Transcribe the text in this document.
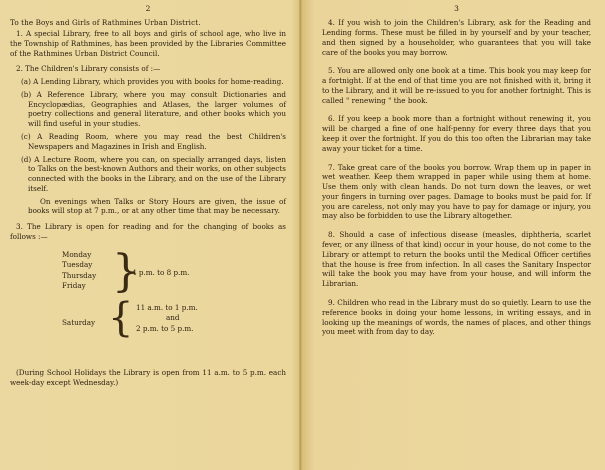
2
To the Boys and Girls of Rathmines Urban District.

1. A special Library, free to all boys and girls of school age, who live in the Township of Rathmines, has been provided by the Libraries Committee of the Rathmines Urban District Council.

2. The Children's Library consists of :—

(a) A Lending Library, which provides you with books for home-reading.

(b) A Reference Library, where you may consult Dictionaries and Encyclopædias, Geographies and Atlases, the larger volumes of poetry collections and general literature, and other books which you will find useful in your studies.

(c) A Reading Room, where you may read the best Children's Newspapers and Magazines in Irish and English.

(d) A Lecture Room, where you can, on specially arranged days, listen to Talks on the best-known Authors and their works, on other subjects connected with the books in the Library, and on the use of the Library itself.

On evenings when Talks or Story Hours are given, the issue of books will stop at 7 p.m., or at any other time that may be necessary.

3. The Library is open for reading and for the changing of books as follows :—

Monday
Tuesday
Thursday
Friday }
4 p.m. to 8 p.m.
{
Saturday
11 a.m. to 1 p.m.
and
2 p.m. to 5 p.m.

(During School Holidays the Library is open from 11 a.m. to 5 p.m. each week-day except Wednesday.)

3

4. If you wish to join the Children's Library, ask for the Reading and Lending forms. These must be filled in by yourself and by your teacher, and then signed by a householder, who guarantees that you will take care of the books you may borrow.

5. You are allowed only one book at a time. This book you may keep for a fortnight. If at the end of that time you are not finished with it, bring it to the Library, and it will be re-issued to you for another fortnight. This is called " renewing " the book.

6. If you keep a book more than a fortnight without renewing it, you will be charged a fine of one half-penny for every three days that you keep it over the fortnight. If you do this too often the Librarian may take away your ticket for a time.

7. Take great care of the books you borrow. Wrap them up in paper in wet weather. Keep them wrapped in paper while using them at home. Use them only with clean hands. Do not turn down the leaves, or wet your fingers in turning over pages. Damage to books must be paid for. If you are careless, not only may you have to pay for damage or injury, you may also be forbidden to use the Library altogether.

8. Should a case of infectious disease (measles, diphtheria, scarlet fever, or any illness of that kind) occur in your house, do not come to the Library or attempt to return the books until the Medical Officer certifies that the house is free from infection. In all cases the Sanitary Inspector will take the book you may have from your house, and will inform the Librarian.

9. Children who read in the Library must do so quietly. Learn to use the reference books in doing your home lessons, in writing essays, and in looking up the meanings of words, the names of places, and other things you meet with from day to day.
